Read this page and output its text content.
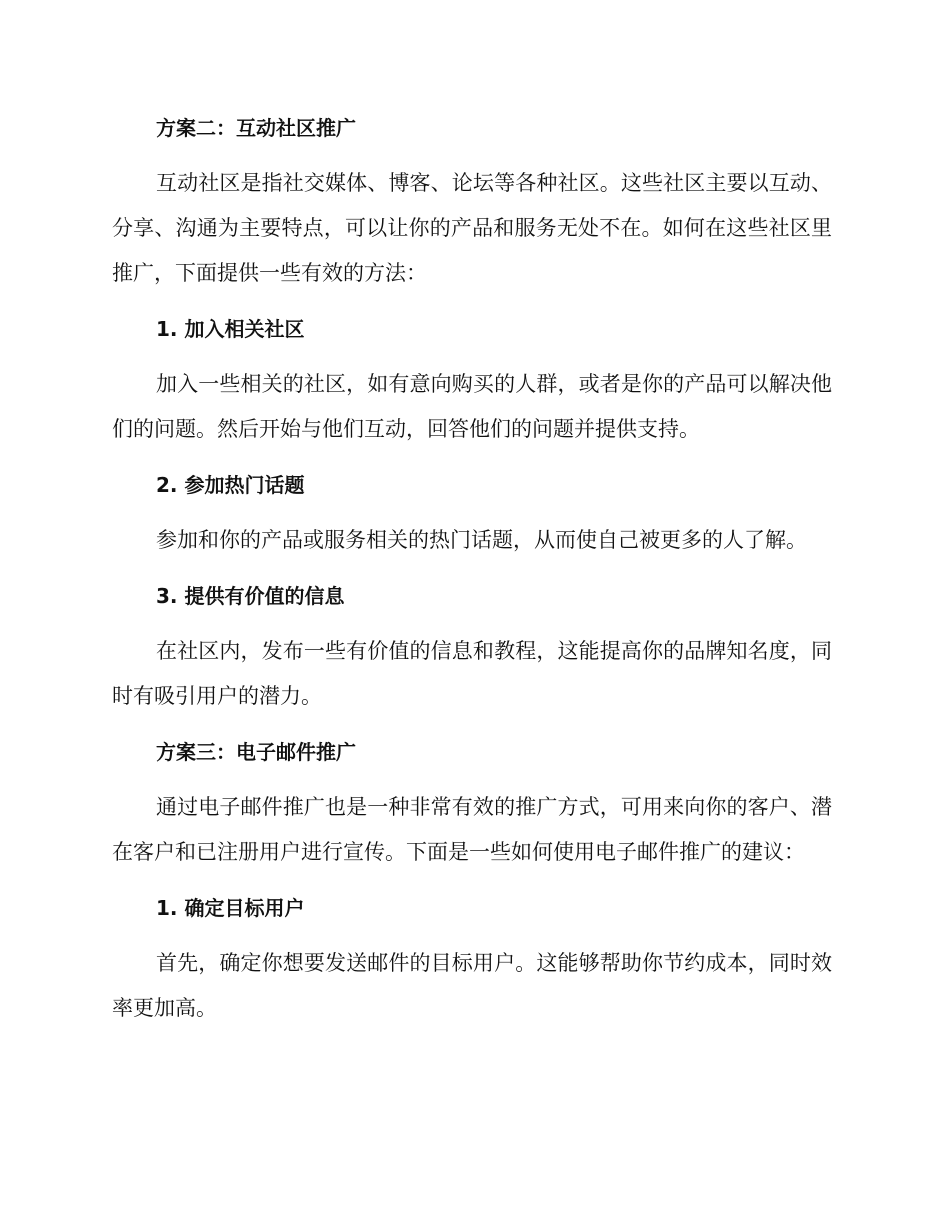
方案二：互动社区推广

互动社区是指社交媒体、博客、论坛等各种社区。这些社区主要以互动、分享、沟通为主要特点，可以让你的产品和服务无处不在。如何在这些社区里推广，下面提供一些有效的方法：

1. 加入相关社区

加入一些相关的社区，如有意向购买的人群，或者是你的产品可以解决他们的问题。然后开始与他们互动，回答他们的问题并提供支持。

2. 参加热门话题

参加和你的产品或服务相关的热门话题，从而使自己被更多的人了解。

3. 提供有价值的信息

在社区内，发布一些有价值的信息和教程，这能提高你的品牌知名度，同时有吸引用户的潜力。

方案三：电子邮件推广

通过电子邮件推广也是一种非常有效的推广方式，可用来向你的客户、潜在客户和已注册用户进行宣传。下面是一些如何使用电子邮件推广的建议：

1. 确定目标用户

首先，确定你想要发送邮件的目标用户。这能够帮助你节约成本，同时效率更加高。
